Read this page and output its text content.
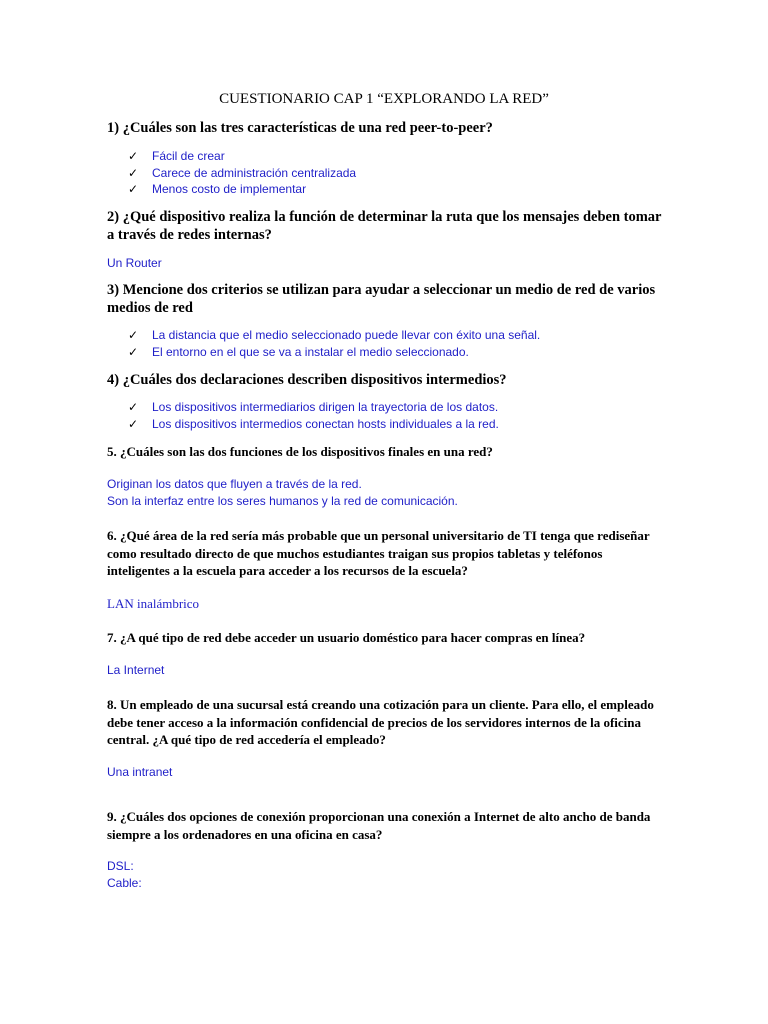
CUESTIONARIO CAP 1 “EXPLORANDO LA RED”
1) ¿Cuáles son las tres características de una red peer-to-peer?
✓ Fácil de crear
✓ Carece de administración centralizada
✓ Menos costo de implementar
2) ¿Qué dispositivo realiza la función de determinar la ruta que los mensajes deben tomar a través de redes internas?
Un Router
3) Mencione dos criterios se utilizan para ayudar a seleccionar un medio de red de varios medios de red
✓ La distancia que el medio seleccionado puede llevar con éxito una señal.
✓ El entorno en el que se va a instalar el medio seleccionado.
4) ¿Cuáles dos declaraciones describen dispositivos intermedios?
✓ Los dispositivos intermediarios dirigen la trayectoria de los datos.
✓ Los dispositivos intermedios conectan hosts individuales a la red.
5. ¿Cuáles son las dos funciones de los dispositivos finales en una red?
Originan los datos que fluyen a través de la red.
Son la interfaz entre los seres humanos y la red de comunicación.
6. ¿Qué área de la red sería más probable que un personal universitario de TI tenga que rediseñar como resultado directo de que muchos estudiantes traigan sus propios tabletas y teléfonos inteligentes a la escuela para acceder a los recursos de la escuela?
LAN inalámbrico
7. ¿A qué tipo de red debe acceder un usuario doméstico para hacer compras en línea?
La Internet
8. Un empleado de una sucursal está creando una cotización para un cliente. Para ello, el empleado debe tener acceso a la información confidencial de precios de los servidores internos de la oficina central. ¿A qué tipo de red accedería el empleado?
Una intranet
9. ¿Cuáles dos opciones de conexión proporcionan una conexión a Internet de alto ancho de banda siempre a los ordenadores en una oficina en casa?
DSL:
Cable:
